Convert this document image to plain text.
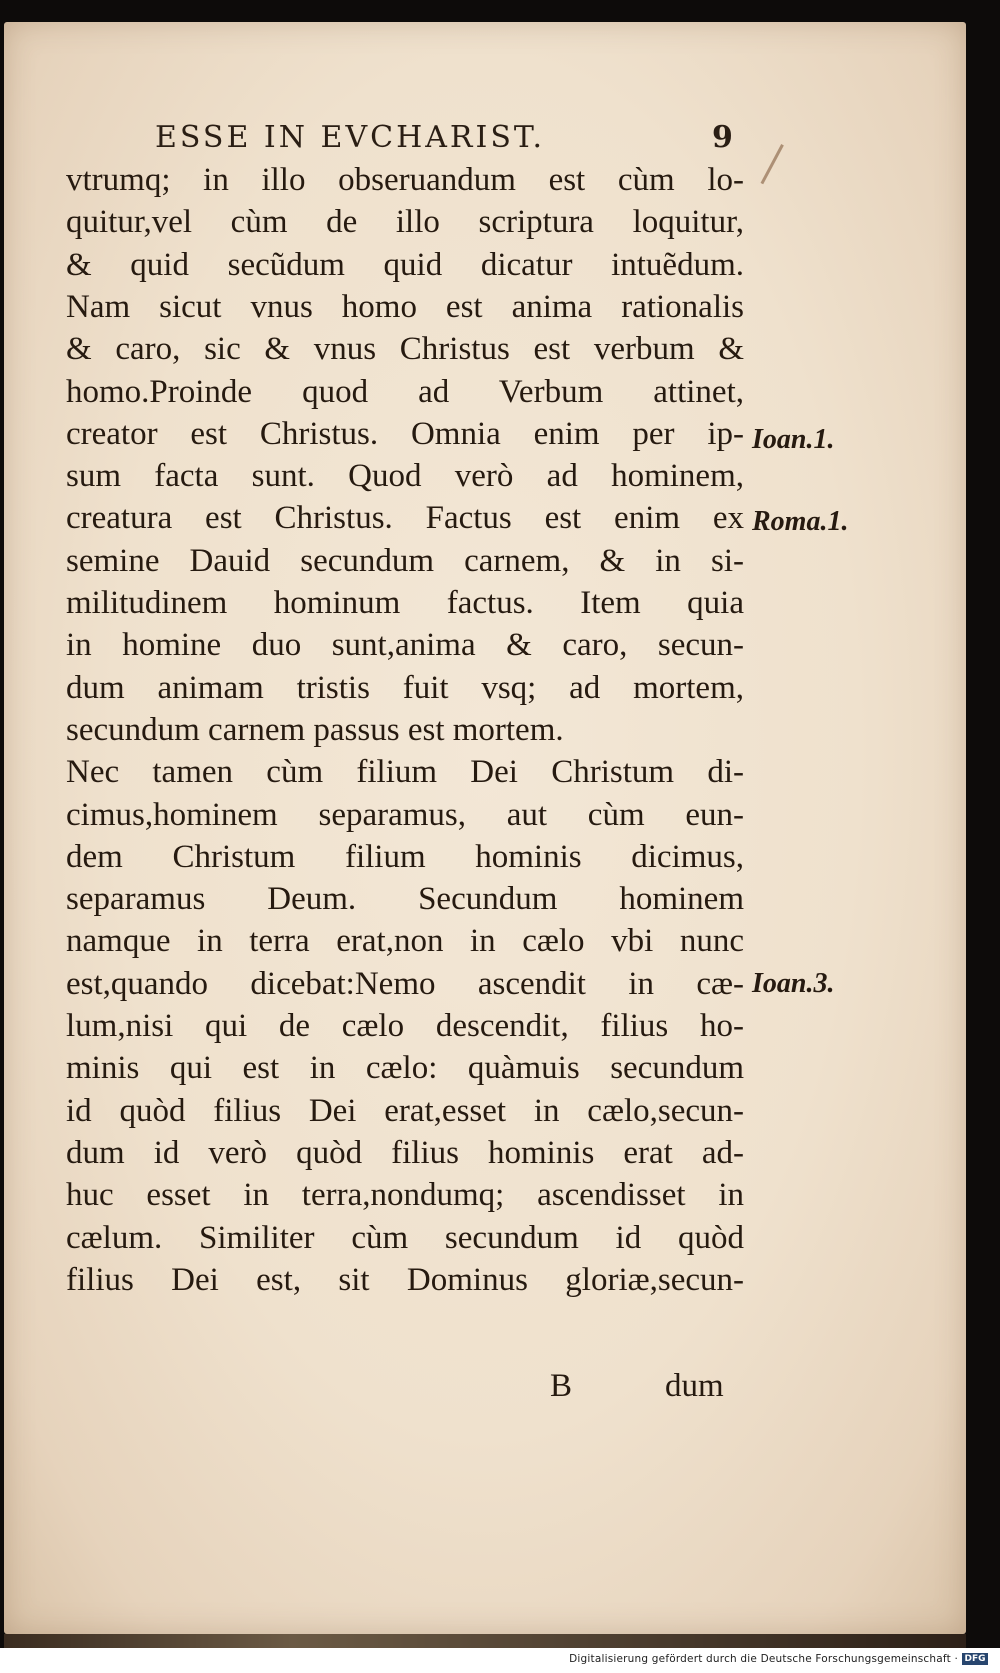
ESSE IN EVCHARIST.	9
vtrumq; in illo obseruandum est cùm lo-
quitur,vel cùm de illo scriptura loquitur,
& quid secũdum quid dicatur intuẽdum.
Nam sicut vnus homo est anima rationalis
& caro, sic & vnus Christus est verbum &
homo.Proinde quod ad Verbum attinet,
creator est Christus. Omnia enim per ip-
sum facta sunt. Quod verò ad hominem,
creatura est Christus. Factus est enim ex
semine Dauid secundum carnem, & in si-
militudinem hominum factus. Item quia
in homine duo sunt,anima & caro, secun-
dum animam tristis fuit vsq; ad mortem,
secundum carnem passus est mortem.
Nec tamen cùm filium Dei Christum di-
cimus,hominem separamus, aut cùm eun-
dem Christum filium hominis dicimus,
separamus Deum. Secundum hominem
namque in terra erat,non in cælo vbi nunc
est,quando dicebat:Nemo ascendit in cæ-
lum,nisi qui de cælo descendit, filius ho-
minis qui est in cælo: quàmuis secundum
id quòd filius Dei erat,esset in cælo,secun-
dum id verò quòd filius hominis erat ad-
huc esset in terra,nondumq; ascendisset in
cælum. Similiter cùm secundum id quòd
filius Dei est, sit Dominus gloriæ,secun-
Ioan.1.
Roma.1.
Ioan.3.
B	dum
Digitalisierung gefördert durch die Deutsche Forschungsgemeinschaft · DFG
